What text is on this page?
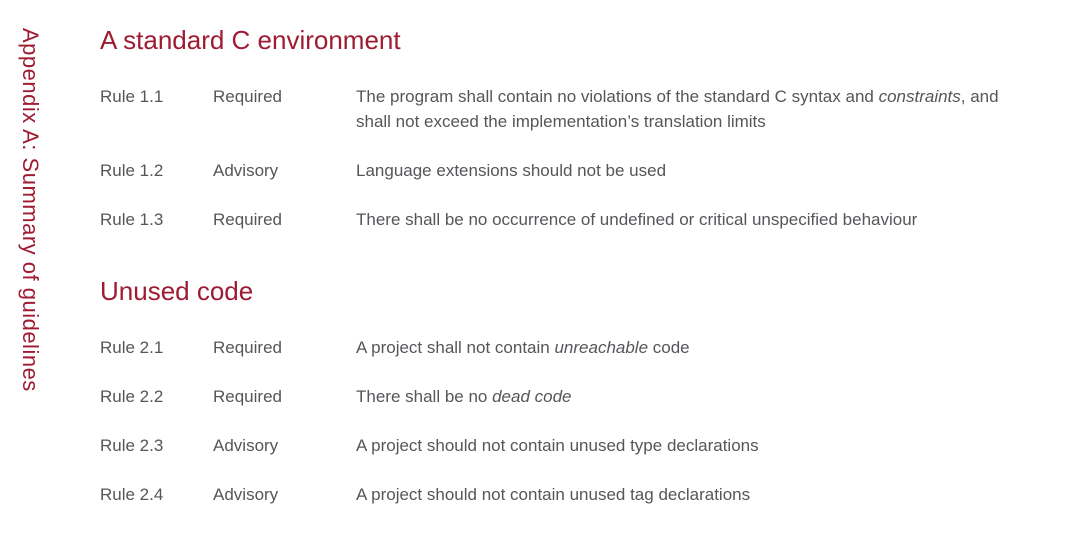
Appendix A: Summary of guidelines A standard C environment
Rule 1.1	Required	The program shall contain no violations of the standard C syntax and constraints, and shall not exceed the implementation’s translation limits
Rule 1.2	Advisory	Language extensions should not be used
Rule 1.3	Required	There shall be no occurrence of undefined or critical unspecified behaviour
Unused code
Rule 2.1	Required	A project shall not contain unreachable code
Rule 2.2	Required	There shall be no dead code
Rule 2.3	Advisory	A project should not contain unused type declarations
Rule 2.4	Advisory	A project should not contain unused tag declarations
